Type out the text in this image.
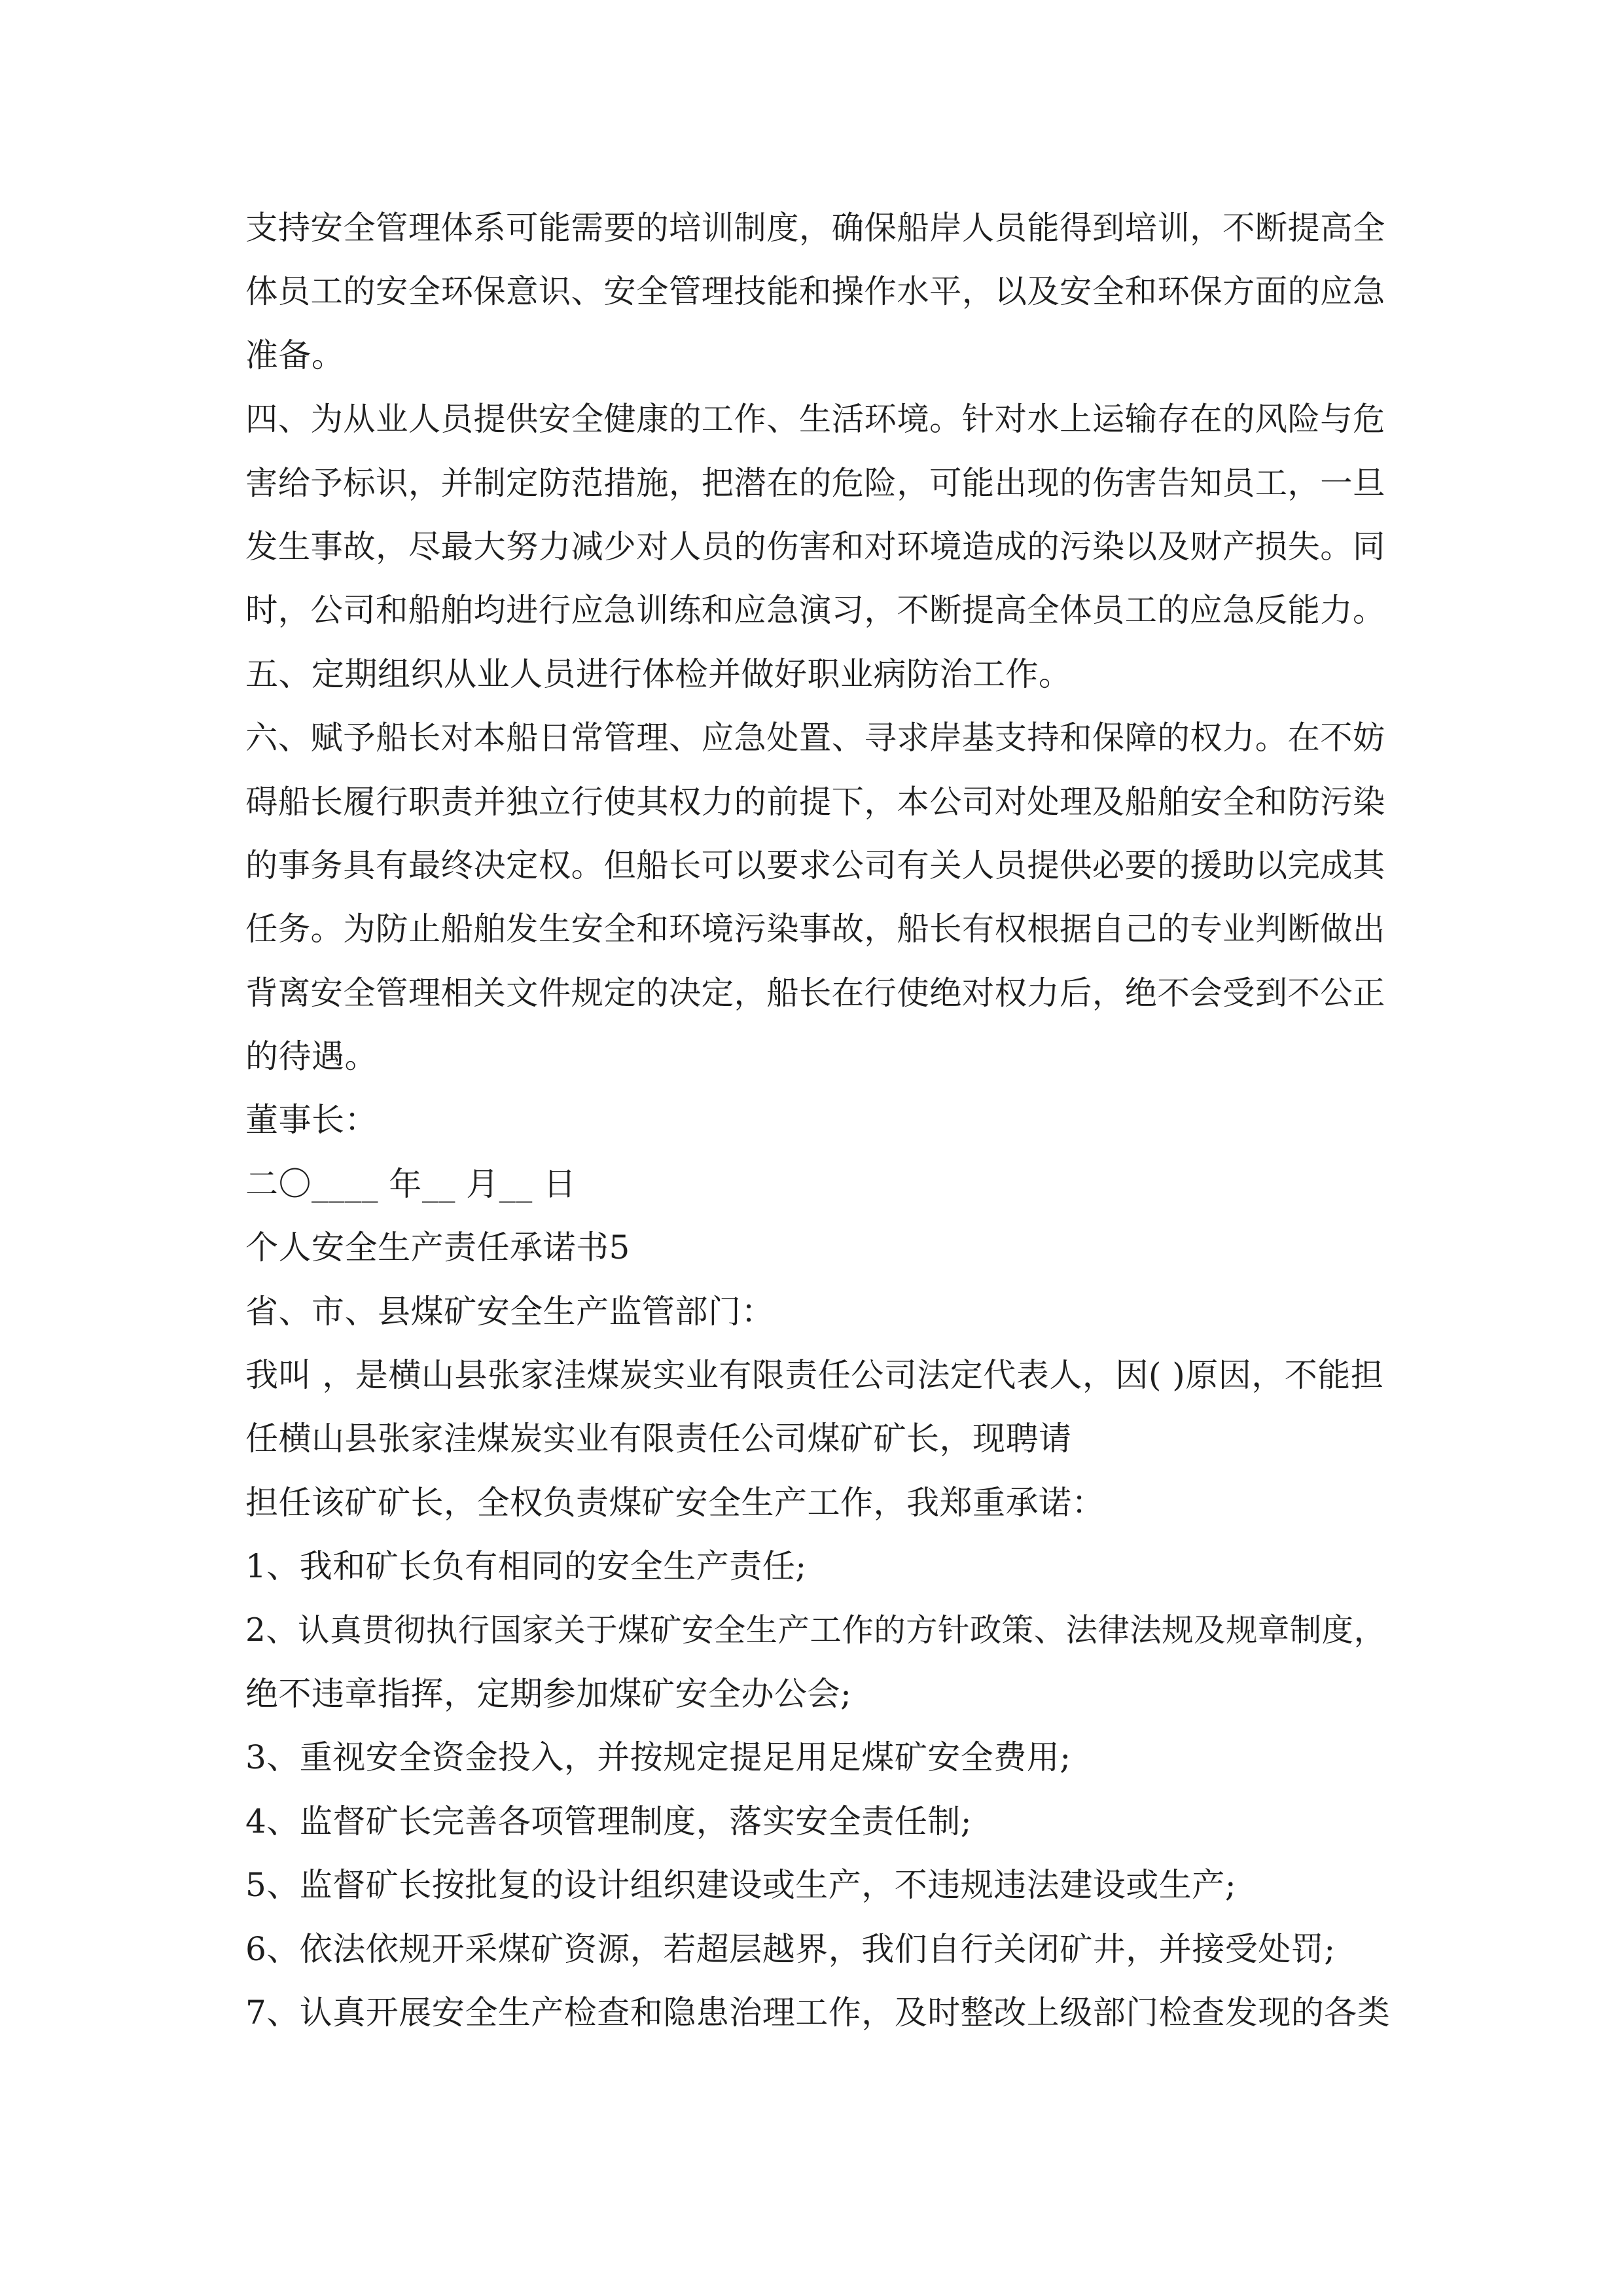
支持安全管理体系可能需要的培训制度，确保船岸人员能得到培训，不断提高全
体员工的安全环保意识、安全管理技能和操作水平，以及安全和环保方面的应急
准备。
四、为从业人员提供安全健康的工作、生活环境。针对水上运输存在的风险与危
害给予标识，并制定防范措施，把潜在的危险，可能出现的伤害告知员工，一旦
发生事故，尽最大努力减少对人员的伤害和对环境造成的污染以及财产损失。同
时，公司和船舶均进行应急训练和应急演习，不断提高全体员工的应急反能力。
五、定期组织从业人员进行体检并做好职业病防治工作。
六、赋予船长对本船日常管理、应急处置、寻求岸基支持和保障的权力。在不妨
碍船长履行职责并独立行使其权力的前提下，本公司对处理及船舶安全和防污染
的事务具有最终决定权。但船长可以要求公司有关人员提供必要的援助以完成其
任务。为防止船舶发生安全和环境污染事故，船长有权根据自己的专业判断做出
背离安全管理相关文件规定的决定，船长在行使绝对权力后，绝不会受到不公正
的待遇。
董事长：
二〇____ 年__ 月__ 日
个人安全生产责任承诺书5
省、市、县煤矿安全生产监管部门：
我叫 ，是横山县张家洼煤炭实业有限责任公司法定代表人，因( )原因，不能担
任横山县张家洼煤炭实业有限责任公司煤矿矿长，现聘请
担任该矿矿长，全权负责煤矿安全生产工作，我郑重承诺：
1、我和矿长负有相同的安全生产责任;
2、认真贯彻执行国家关于煤矿安全生产工作的方针政策、法律法规及规章制度，
绝不违章指挥，定期参加煤矿安全办公会;
3、重视安全资金投入，并按规定提足用足煤矿安全费用;
4、监督矿长完善各项管理制度，落实安全责任制;
5、监督矿长按批复的设计组织建设或生产，不违规违法建设或生产;
6、依法依规开采煤矿资源，若超层越界，我们自行关闭矿井，并接受处罚;
7、认真开展安全生产检查和隐患治理工作，及时整改上级部门检查发现的各类
